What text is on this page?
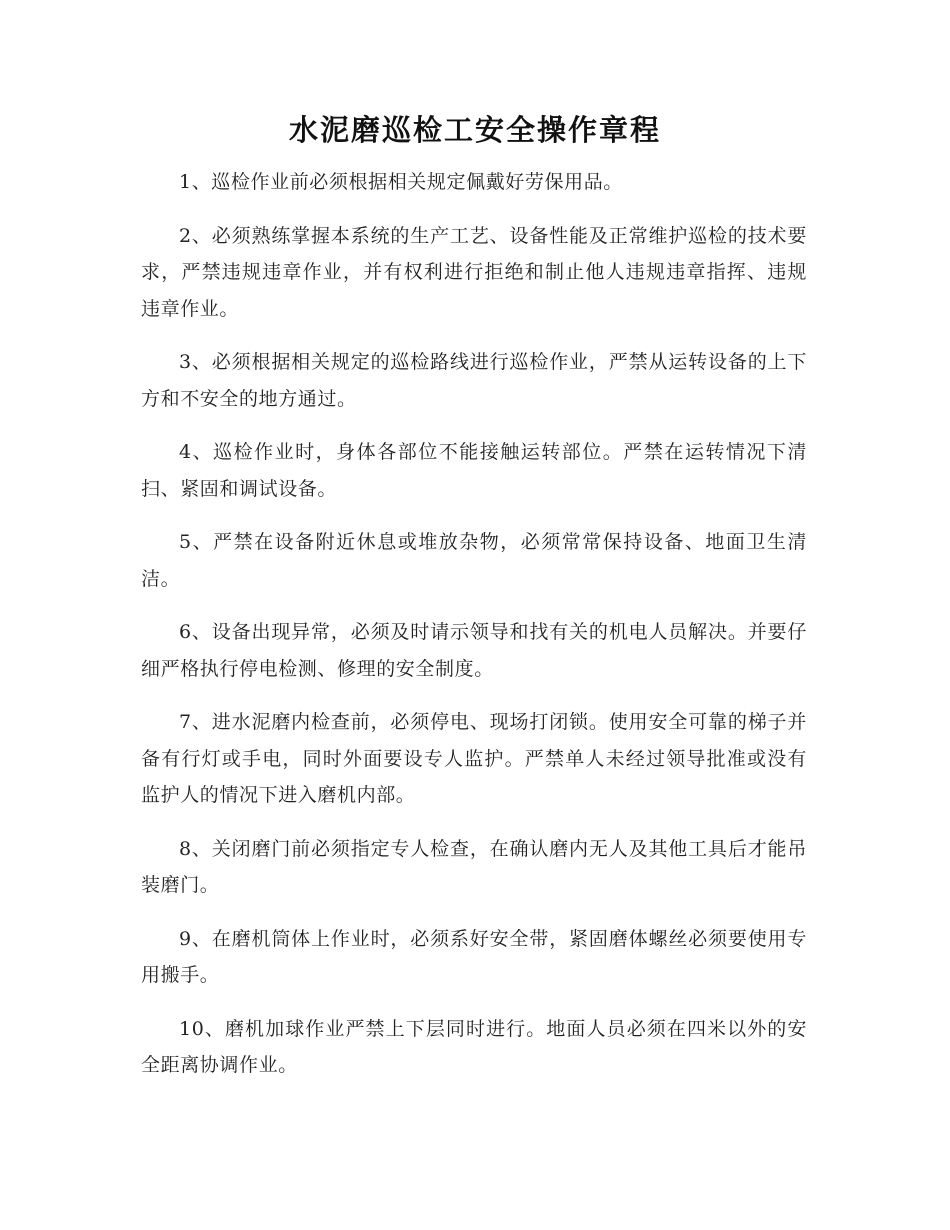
水泥磨巡检工安全操作章程

1、巡检作业前必须根据相关规定佩戴好劳保用品。

2、必须熟练掌握本系统的生产工艺、设备性能及正常维护巡检的技术要求，严禁违规违章作业，并有权利进行拒绝和制止他人违规违章指挥、违规违章作业。

3、必须根据相关规定的巡检路线进行巡检作业，严禁从运转设备的上下方和不安全的地方通过。

4、巡检作业时，身体各部位不能接触运转部位。严禁在运转情况下清扫、紧固和调试设备。

5、严禁在设备附近休息或堆放杂物，必须常常保持设备、地面卫生清洁。

6、设备出现异常，必须及时请示领导和找有关的机电人员解决。并要仔细严格执行停电检测、修理的安全制度。

7、进水泥磨内检查前，必须停电、现场打闭锁。使用安全可靠的梯子并备有行灯或手电，同时外面要设专人监护。严禁单人未经过领导批准或没有监护人的情况下进入磨机内部。

8、关闭磨门前必须指定专人检查，在确认磨内无人及其他工具后才能吊装磨门。

9、在磨机筒体上作业时，必须系好安全带，紧固磨体螺丝必须要使用专用搬手。

10、磨机加球作业严禁上下层同时进行。地面人员必须在四米以外的安全距离协调作业。
